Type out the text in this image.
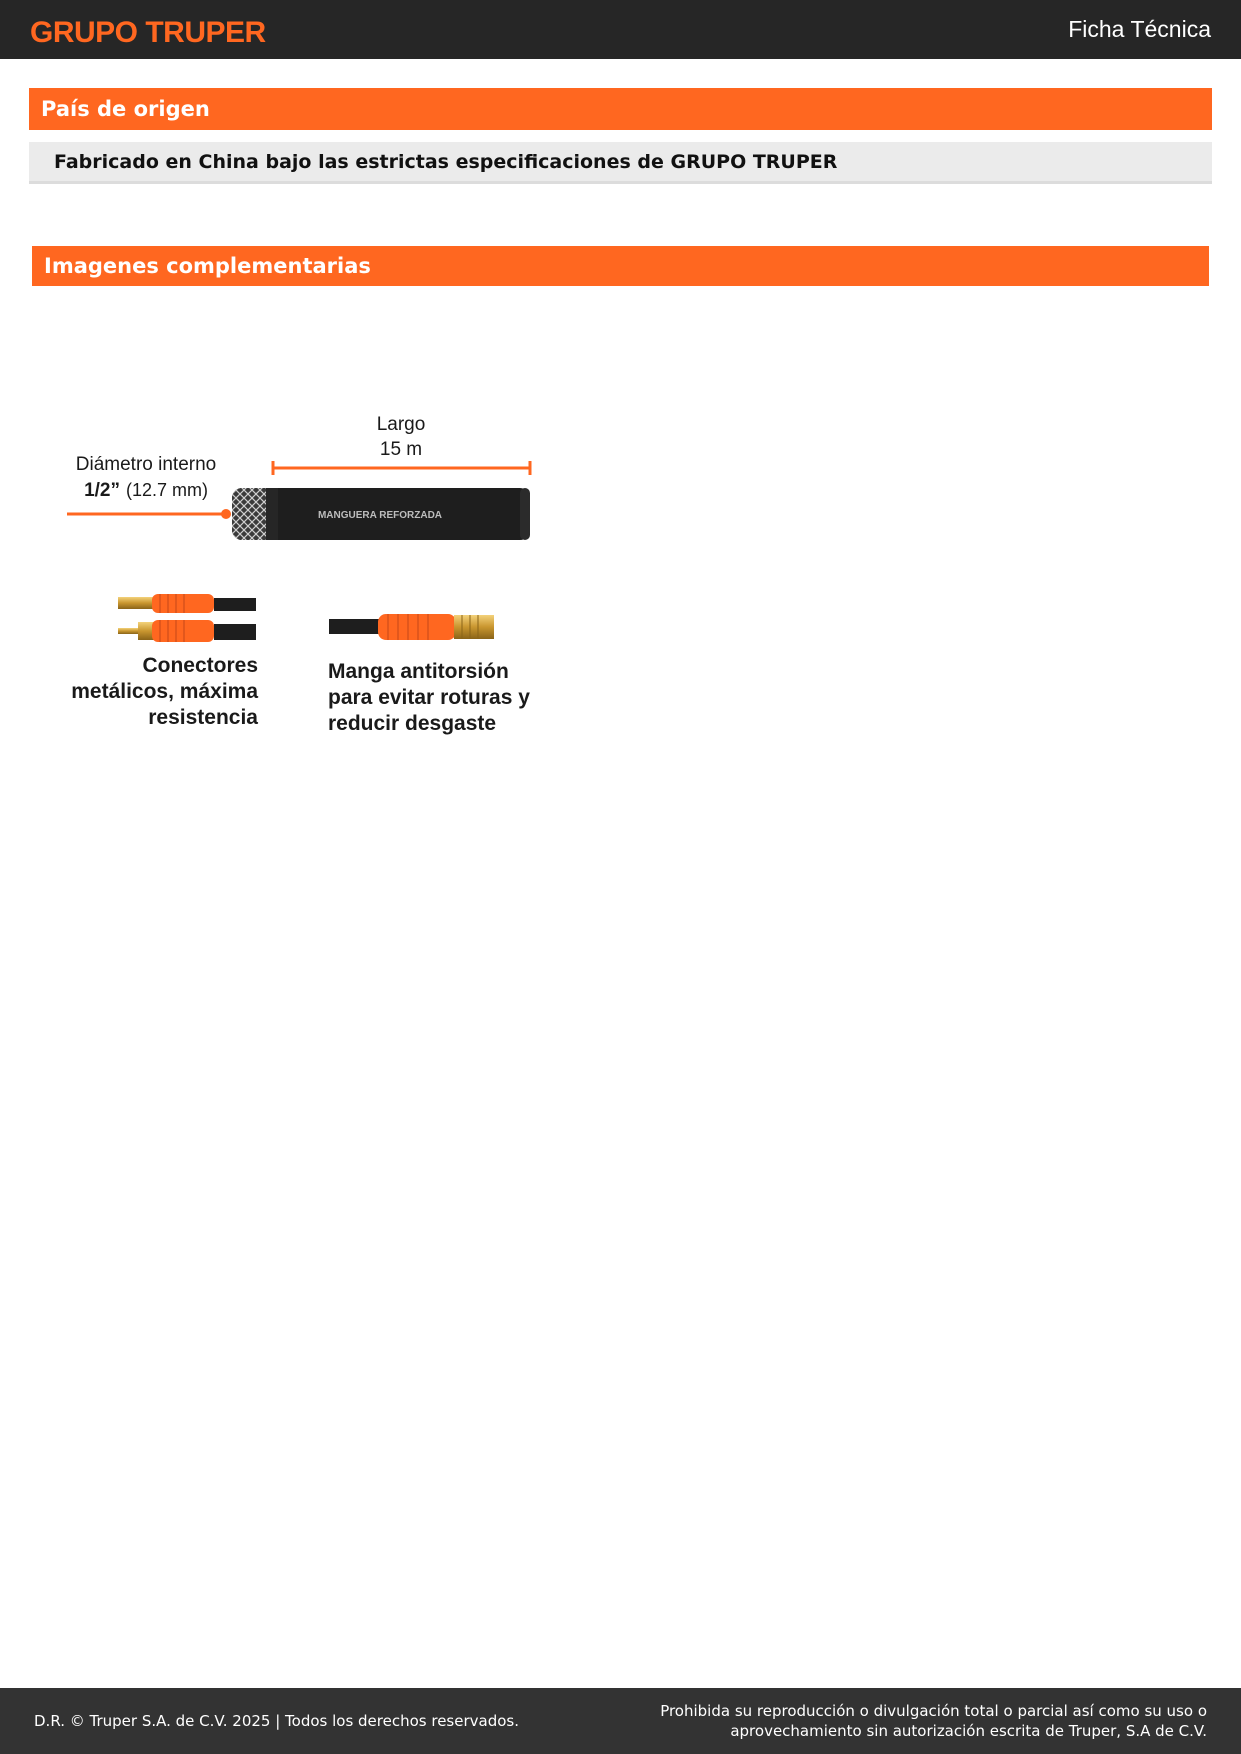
GRUPO TRUPER	Ficha Técnica
País de origen
Fabricado en China bajo las estrictas especificaciones de GRUPO TRUPER
Imagenes complementarias
Largo
15 m
Diámetro interno
1/2” (12.7 mm)
MANGUERA REFORZADA
Conectores
metálicos, máxima
resistencia
Manga antitorsión
para evitar roturas y
reducir desgaste
D.R. © Truper S.A. de C.V. 2025 | Todos los derechos reservados.
Prohibida su reproducción o divulgación total o parcial así como su uso o
aprovechamiento sin autorización escrita de Truper, S.A de C.V.
